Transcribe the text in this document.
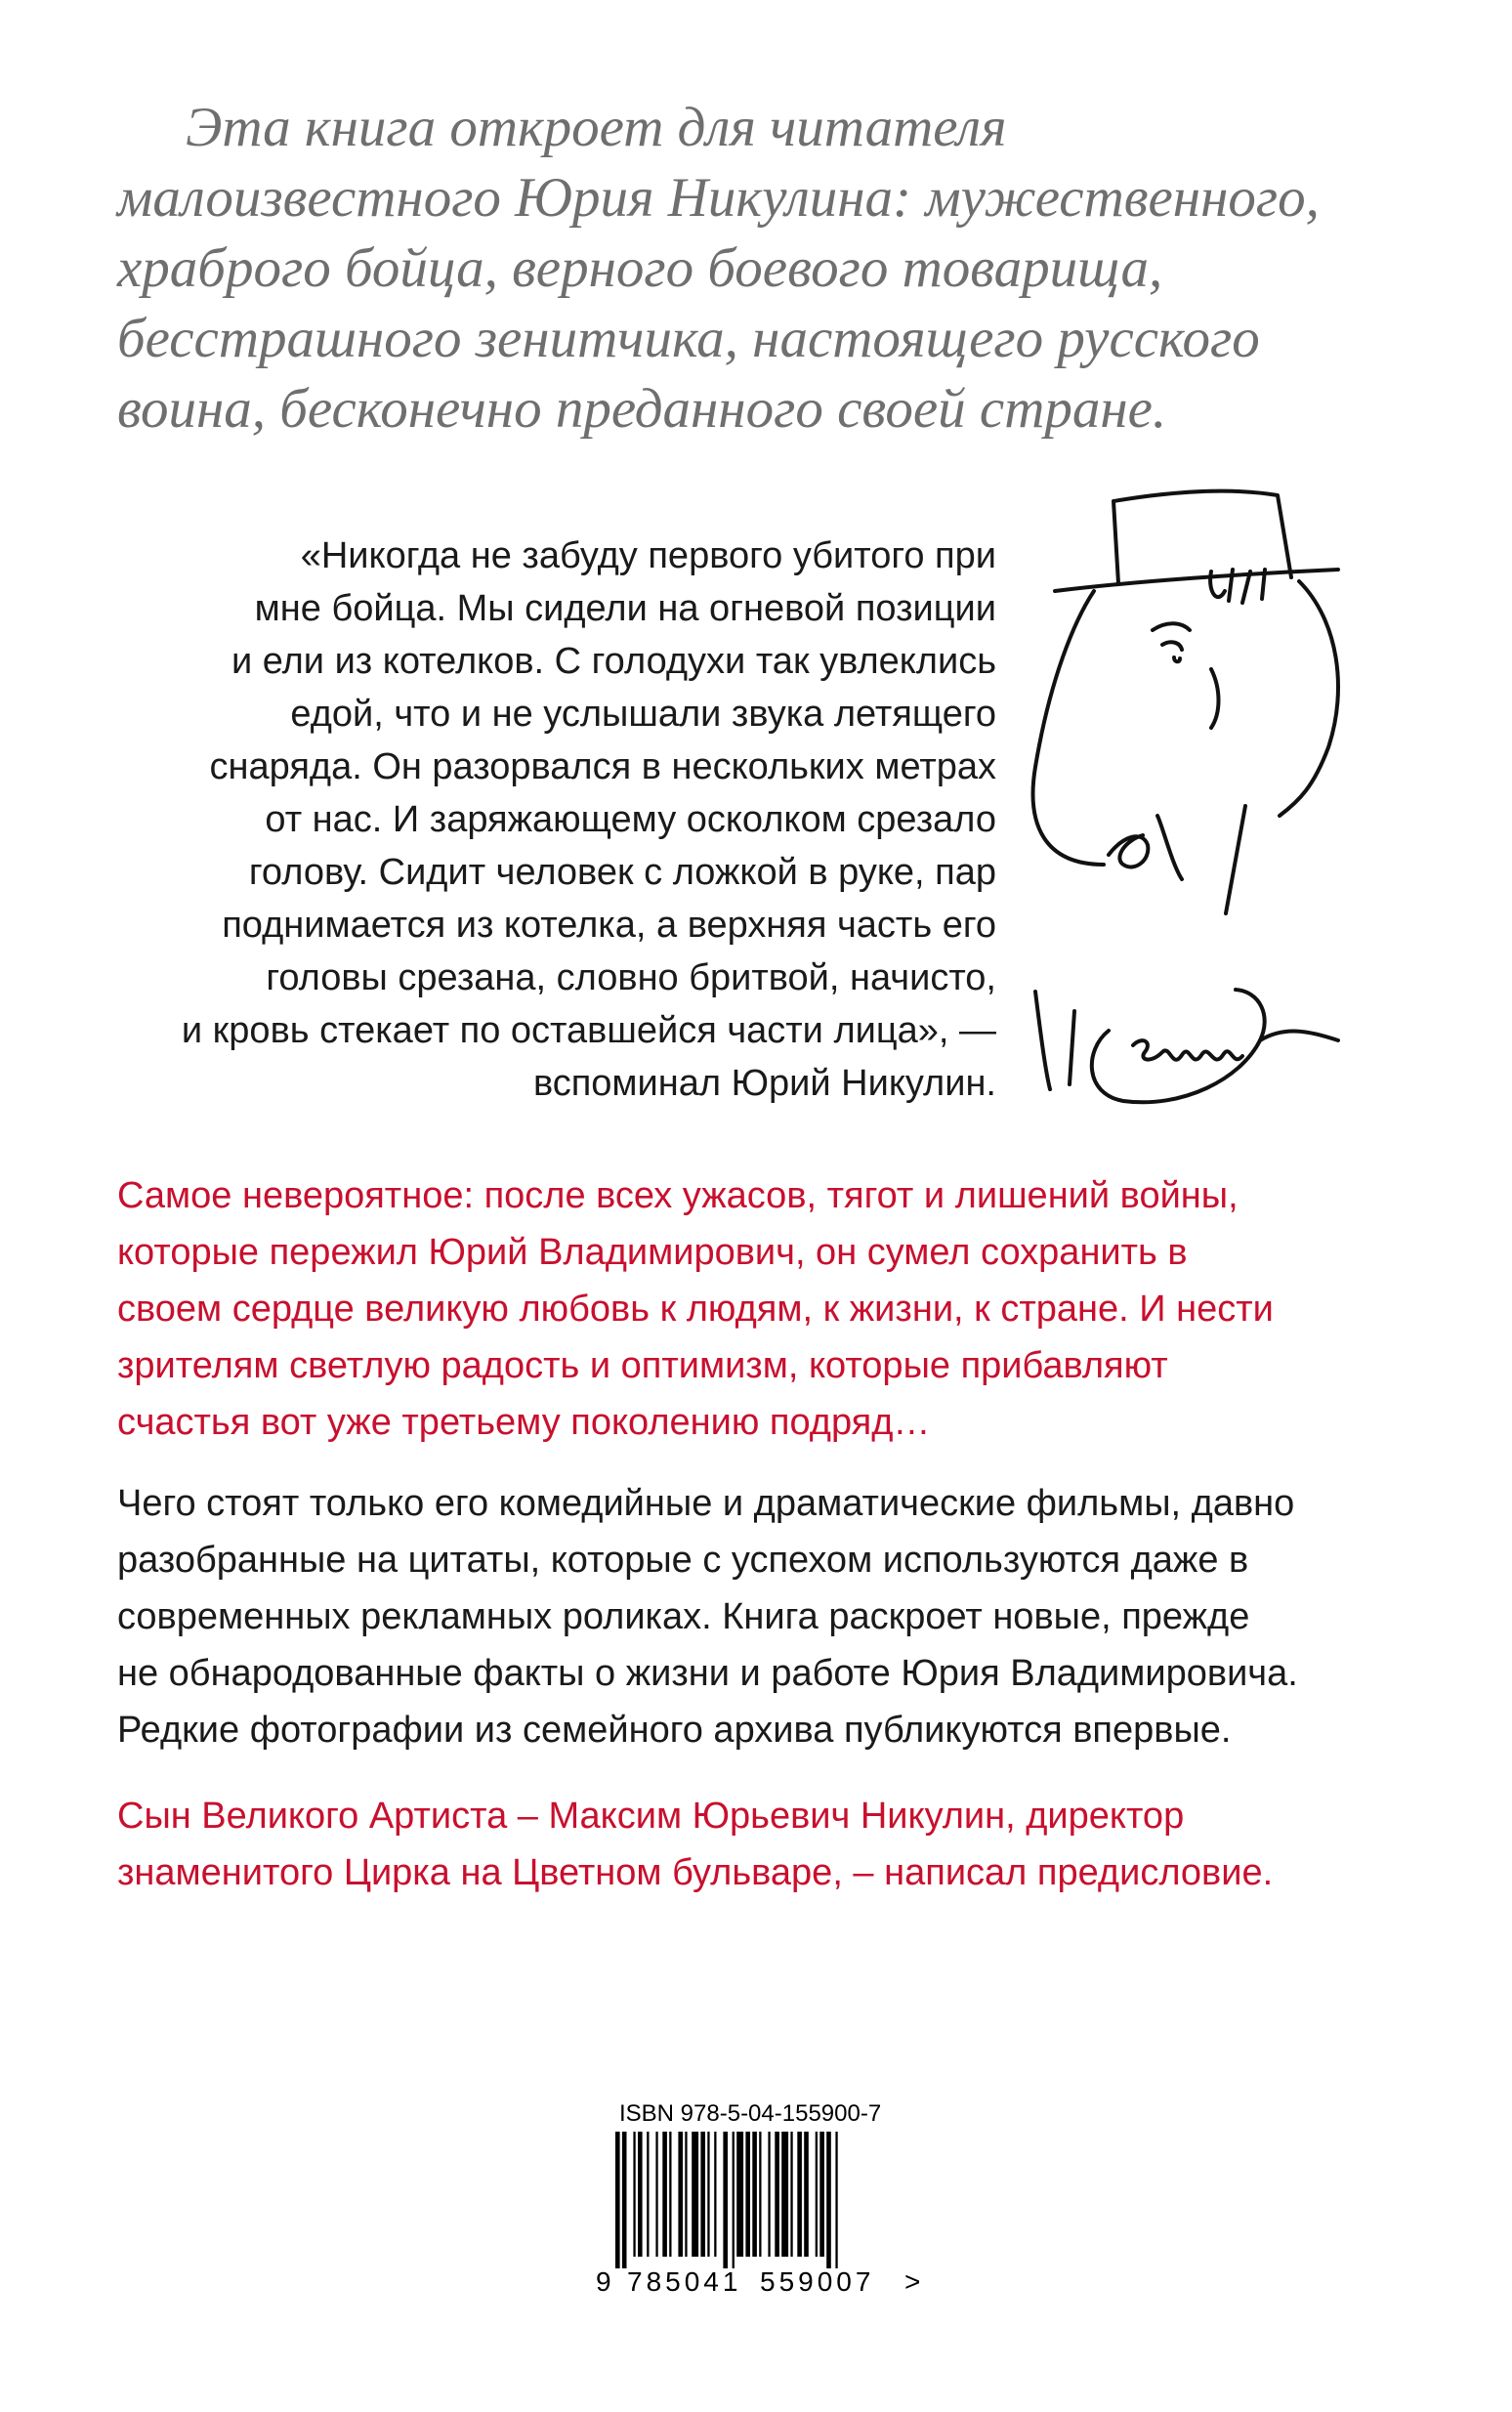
Эта книга откроет для читателя
малоизвестного Юрия Никулина: мужественного,
храброго бойца, верного боевого товарища,
бесстрашного зенитчика, настоящего русского
воина, бесконечно преданного своей стране.
«Никогда не забуду первого убитого при
мне бойца. Мы сидели на огневой позиции
и ели из котелков. С голодухи так увлеклись
едой, что и не услышали звука летящего
снаряда. Он разорвался в нескольких метрах
от нас. И заряжающему осколком срезало
голову. Сидит человек с ложкой в руке, пар
поднимается из котелка, а верхняя часть его
головы срезана, словно бритвой, начисто,
и кровь стекает по оставшейся части лица», —
вспоминал Юрий Никулин.
Самое невероятное: после всех ужасов, тягот и лишений войны,
которые пережил Юрий Владимирович, он сумел сохранить в
своем сердце великую любовь к людям, к жизни, к стране. И нести
зрителям светлую радость и оптимизм, которые прибавляют
счастья вот уже третьему поколению подряд…
Чего стоят только его комедийные и драматические фильмы, давно
разобранные на цитаты, которые с успехом используются даже в
современных рекламных роликах. Книга раскроет новые, прежде
не обнародованные факты о жизни и работе Юрия Владимировича.
Редкие фотографии из семейного архива публикуются впервые.
Сын Великого Артиста – Максим Юрьевич Никулин, директор
знаменитого Цирка на Цветном бульваре, – написал предисловие.
ISBN 978-5-04-155900-7
9 785041 559007 >
